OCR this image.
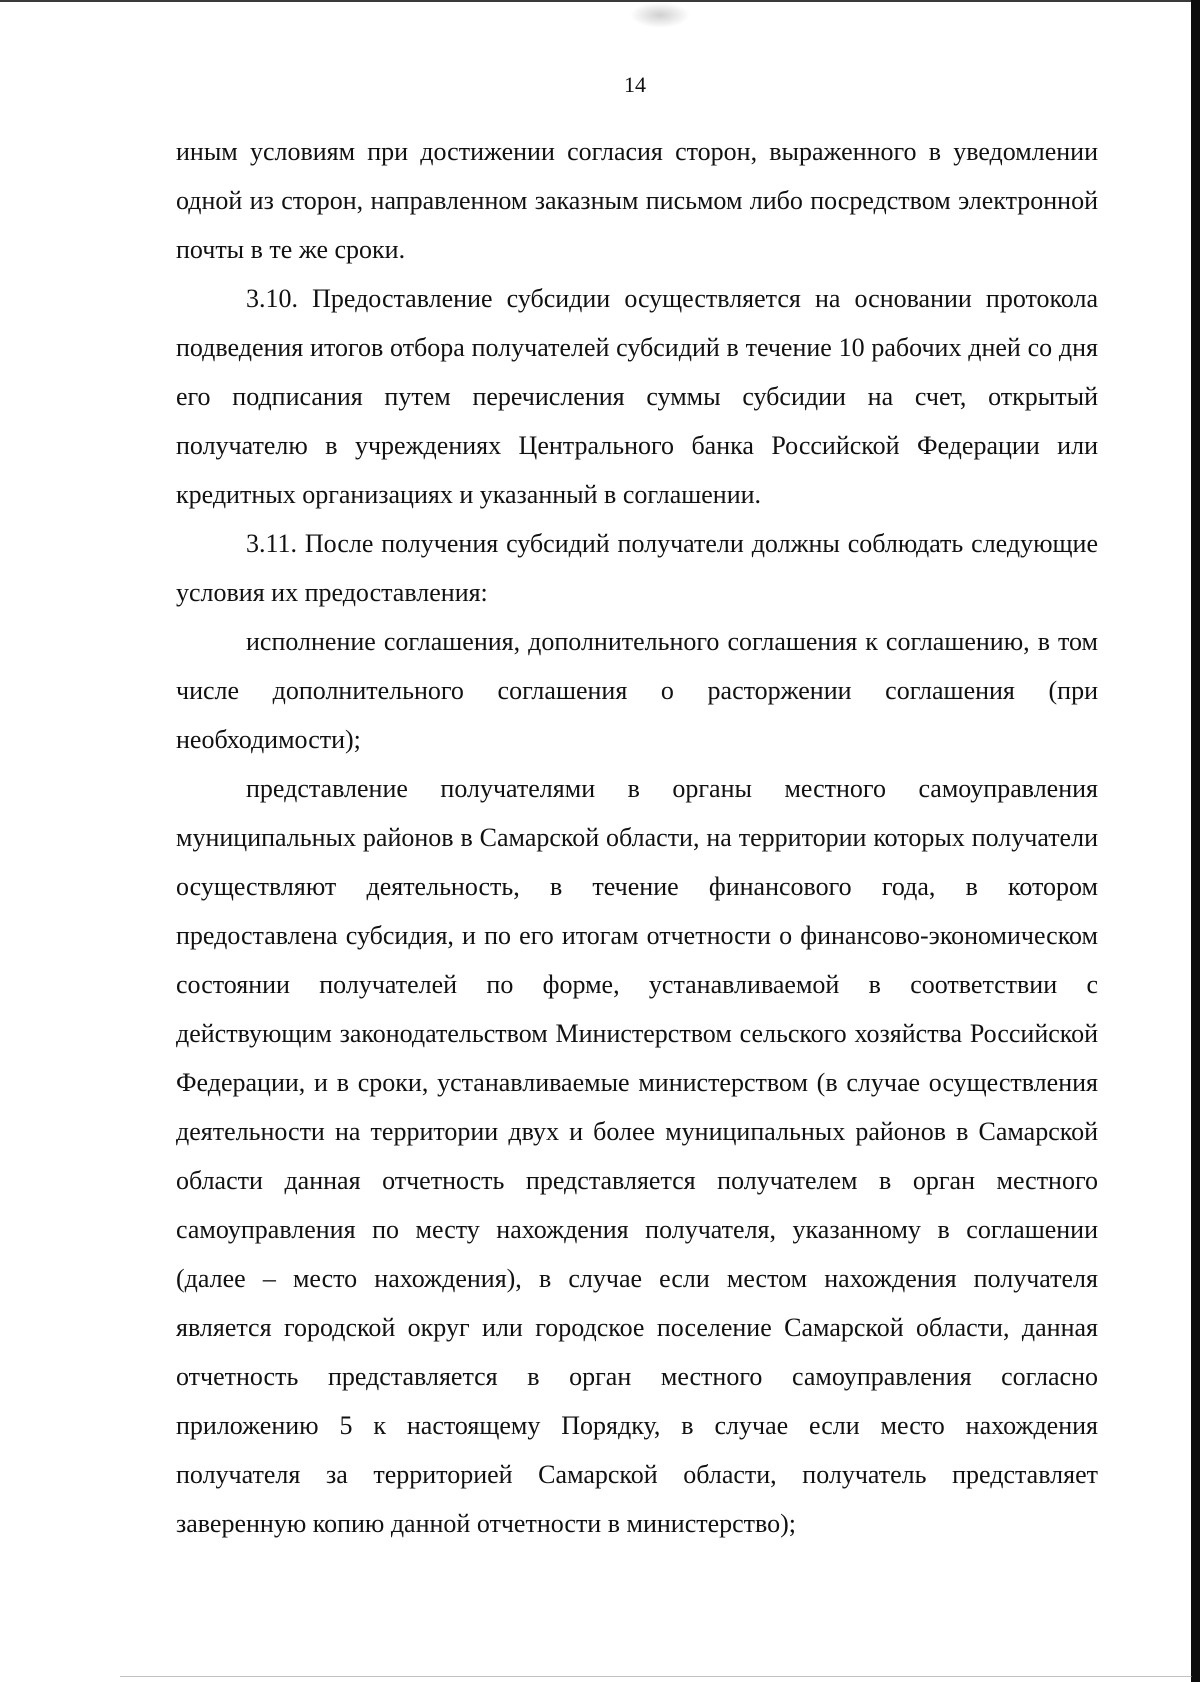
14

иным условиям при достижении согласия сторон, выраженного в уведомлении одной из сторон, направленном заказным письмом либо посредством электронной почты в те же сроки.

3.10. Предоставление субсидии осуществляется на основании протокола подведения итогов отбора получателей субсидий в течение 10 рабочих дней со дня его подписания путем перечисления суммы субсидии на счет, открытый получателю в учреждениях Центрального банка Российской Федерации или кредитных организациях и указанный в соглашении.

3.11. После получения субсидий получатели должны соблюдать следующие условия их предоставления:

исполнение соглашения, дополнительного соглашения к соглашению, в том числе дополнительного соглашения о расторжении соглашения (при необходимости);

представление получателями в органы местного самоуправления муниципальных районов в Самарской области, на территории которых получатели осуществляют деятельность, в течение финансового года, в котором предоставлена субсидия, и по его итогам отчетности о финансово-экономическом состоянии получателей по форме, устанавливаемой в соответствии с действующим законодательством Министерством сельского хозяйства Российской Федерации, и в сроки, устанавливаемые министерством (в случае осуществления деятельности на территории двух и более муниципальных районов в Самарской области данная отчетность представляется получателем в орган местного самоуправления по месту нахождения получателя, указанному в соглашении (далее – место нахождения), в случае если местом нахождения получателя является городской округ или городское поселение Самарской области, данная отчетность представляется в орган местного самоуправления согласно приложению 5 к настоящему Порядку, в случае если место нахождения получателя за территорией Самарской области, получатель представляет заверенную копию данной отчетности в министерство);
